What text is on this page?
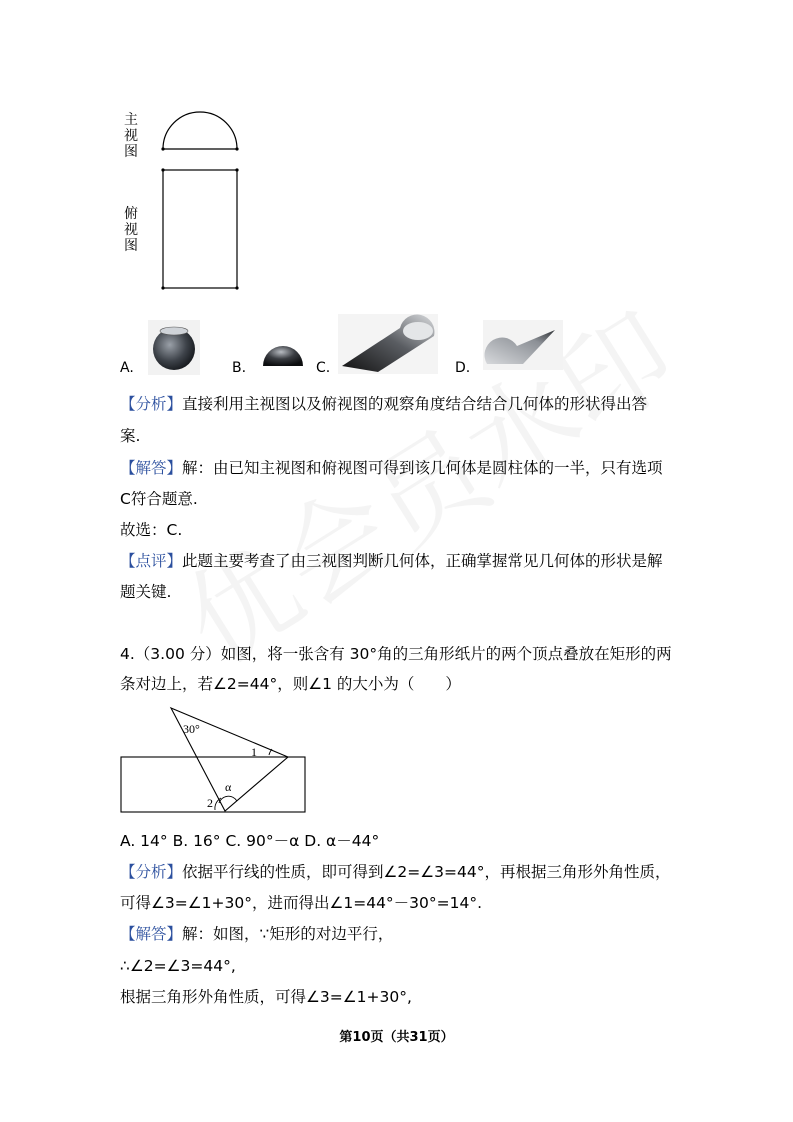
主视图
俯视图
A.	B.	C.	D.
【分析】直接利用主视图以及俯视图的观察角度结合结合几何体的形状得出答
案.
【解答】解：由已知主视图和俯视图可得到该几何体是圆柱体的一半，只有选项
C符合题意.
故选：C.
【点评】此题主要考查了由三视图判断几何体，正确掌握常见几何体的形状是解
题关键.
4.（3.00 分）如图，将一张含有 30°角的三角形纸片的两个顶点叠放在矩形的两
条对边上，若∠2=44°，则∠1 的大小为（　　）
30°
1
α
2
A. 14° B. 16° C. 90°－α D. α－44°
【分析】依据平行线的性质，即可得到∠2=∠3=44°，再根据三角形外角性质，
可得∠3=∠1+30°，进而得出∠1=44°－30°=14°.
【解答】解：如图，∵矩形的对边平行，
∴∠2=∠3=44°,
根据三角形外角性质，可得∠3=∠1+30°,
第10页（共31页）
